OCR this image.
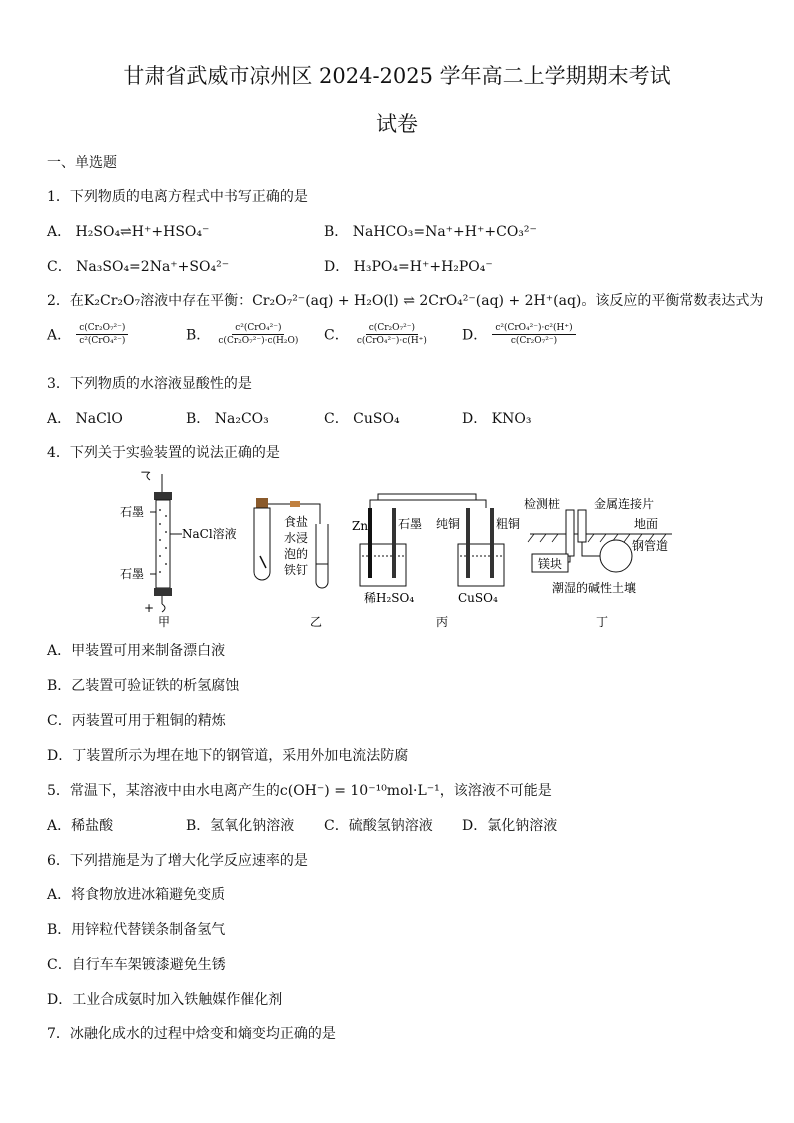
甘肃省武威市凉州区 2024-2025 学年高二上学期期末考试
试卷
一、单选题
1．下列物质的电离方程式中书写正确的是
A． H₂SO₄⇌H⁺+HSO₄⁻	B． NaHCO₃=Na⁺+H⁺+CO₃²⁻
C． Na₃SO₄=2Na⁺+SO₄²⁻	D． H₃PO₄=H⁺+H₂PO₄⁻
2．在K₂Cr₂O₇溶液中存在平衡：Cr₂O₇²⁻(aq) + H₂O(l) ⇌ 2CrO₄²⁻(aq) + 2H⁺(aq)。该反应的平衡常数表达式为
A． $\frac{\text{c(Cr₂O₇²⁻)}}{\text{c²(CrO₄²⁻)}}$	B． $\frac{\text{c²(CrO₄²⁻)}}{\text{c(Cr₂O₇²⁻)·c(H₂O)}}$ C． $\frac{\text{c(Cr₂O₇²⁻)}}{\text{c(CrO₄²⁻)·c(H⁺)}}$ D． $\frac{\text{c²(CrO₄²⁻)·c²(H⁺)}}{\text{c(Cr₂O₇²⁻)}}$
3．下列物质的水溶液显酸性的是
A． NaClO	B． Na₂CO₃	C． CuSO₄	D． KNO₃
4．下列关于实验装置的说法正确的是
−
+
石墨
石墨
NaCl溶液
甲
食盐
水浸
泡的
铁钉
乙
Zn 石墨 纯铜	粗铜
稀H₂SO₄	CuSO₄
丙
检测桩	金属连接片
地面
钢管道
镁块
潮湿的碱性土壤
丁
A．甲装置可用来制备漂白液
B．乙装置可验证铁的析氢腐蚀
C．丙装置可用于粗铜的精炼
D．丁装置所示为埋在地下的钢管道，采用外加电流法防腐
5．常温下，某溶液中由水电离产生的c(OH⁻) = 10⁻¹⁰mol·L⁻¹，该溶液不可能是
A．稀盐酸	B．氢氧化钠溶液 C．硫酸氢钠溶液 D．氯化钠溶液
6．下列措施是为了增大化学反应速率的是
A．将食物放进冰箱避免变质
B．用锌粒代替镁条制备氢气
C．自行车车架镀漆避免生锈
D．工业合成氨时加入铁触媒作催化剂
7．冰融化成水的过程中焓变和熵变均正确的是
